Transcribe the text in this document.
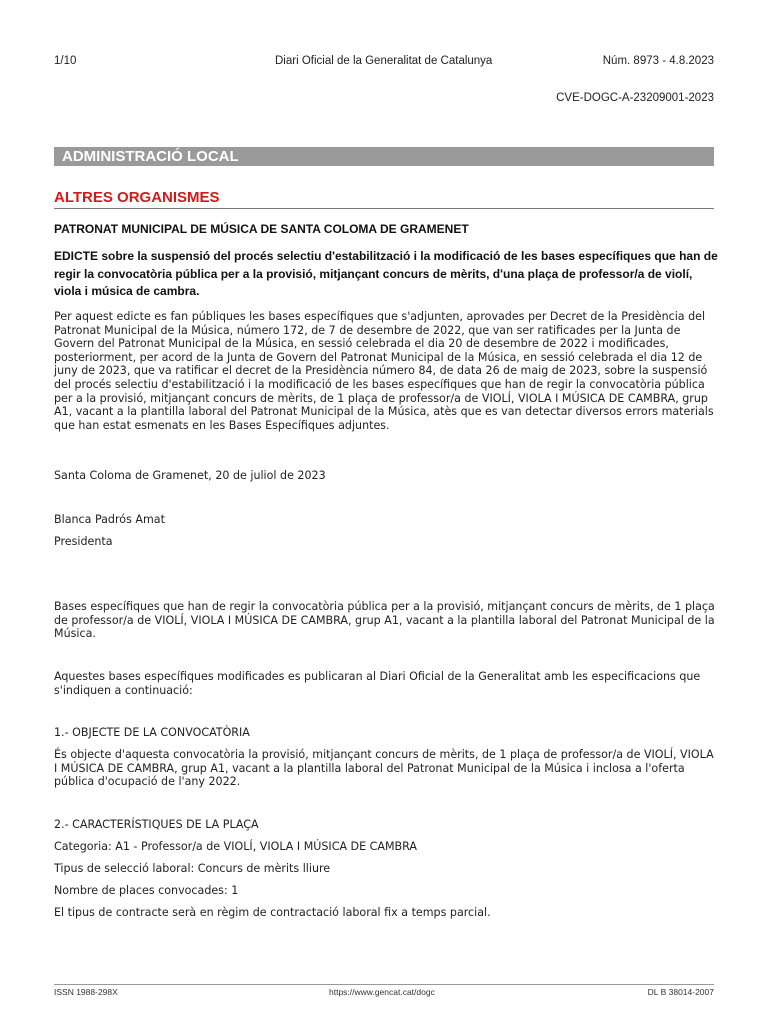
1/10	Diari Oficial de la Generalitat de Catalunya	Núm. 8973 - 4.8.2023
CVE-DOGC-A-23209001-2023
ADMINISTRACIÓ LOCAL
ALTRES ORGANISMES
PATRONAT MUNICIPAL DE MÚSICA DE SANTA COLOMA DE GRAMENET
EDICTE sobre la suspensió del procés selectiu d'estabilització i la modificació de les bases específiques que han de regir la convocatòria pública per a la provisió, mitjançant concurs de mèrits, d'una plaça de professor/a de violí, viola i música de cambra.
Per aquest edicte es fan públiques les bases específiques que s'adjunten, aprovades per Decret de la Presidència del Patronat Municipal de la Música, número 172, de 7 de desembre de 2022, que van ser ratificades per la Junta de Govern del Patronat Municipal de la Música, en sessió celebrada el dia 20 de desembre de 2022 i modificades, posteriorment, per acord de la Junta de Govern del Patronat Municipal de la Música, en sessió celebrada el dia 12 de juny de 2023, que va ratificar el decret de la Presidència número 84, de data 26 de maig de 2023, sobre la suspensió del procés selectiu d'estabilització i la modificació de les bases específiques que han de regir la convocatòria pública per a la provisió, mitjançant concurs de mèrits, de 1 plaça de professor/a de VIOLÍ, VIOLA I MÚSICA DE CAMBRA, grup A1, vacant a la plantilla laboral del Patronat Municipal de la Música, atès que es van detectar diversos errors materials que han estat esmenats en les Bases Específiques adjuntes.
Santa Coloma de Gramenet, 20 de juliol de 2023
Blanca Padrós Amat
Presidenta
Bases específiques que han de regir la convocatòria pública per a la provisió, mitjançant concurs de mèrits, de 1 plaça de professor/a de VIOLÍ, VIOLA I MÚSICA DE CAMBRA, grup A1, vacant a la plantilla laboral del Patronat Municipal de la Música.
Aquestes bases específiques modificades es publicaran al Diari Oficial de la Generalitat amb les especificacions que s'indiquen a continuació:
1.- OBJECTE DE LA CONVOCATÒRIA
És objecte d'aquesta convocatòria la provisió, mitjançant concurs de mèrits, de 1 plaça de professor/a de VIOLÍ, VIOLA I MÚSICA DE CAMBRA, grup A1, vacant a la plantilla laboral del Patronat Municipal de la Música i inclosa a l'oferta pública d'ocupació de l'any 2022.
2.- CARACTERÍSTIQUES DE LA PLAÇA
Categoria: A1 - Professor/a de VIOLÍ, VIOLA I MÚSICA DE CAMBRA
Tipus de selecció laboral: Concurs de mèrits lliure
Nombre de places convocades: 1
El tipus de contracte serà en règim de contractació laboral fix a temps parcial.
ISSN 1988-298X	https://www.gencat.cat/dogc	DL B 38014-2007
